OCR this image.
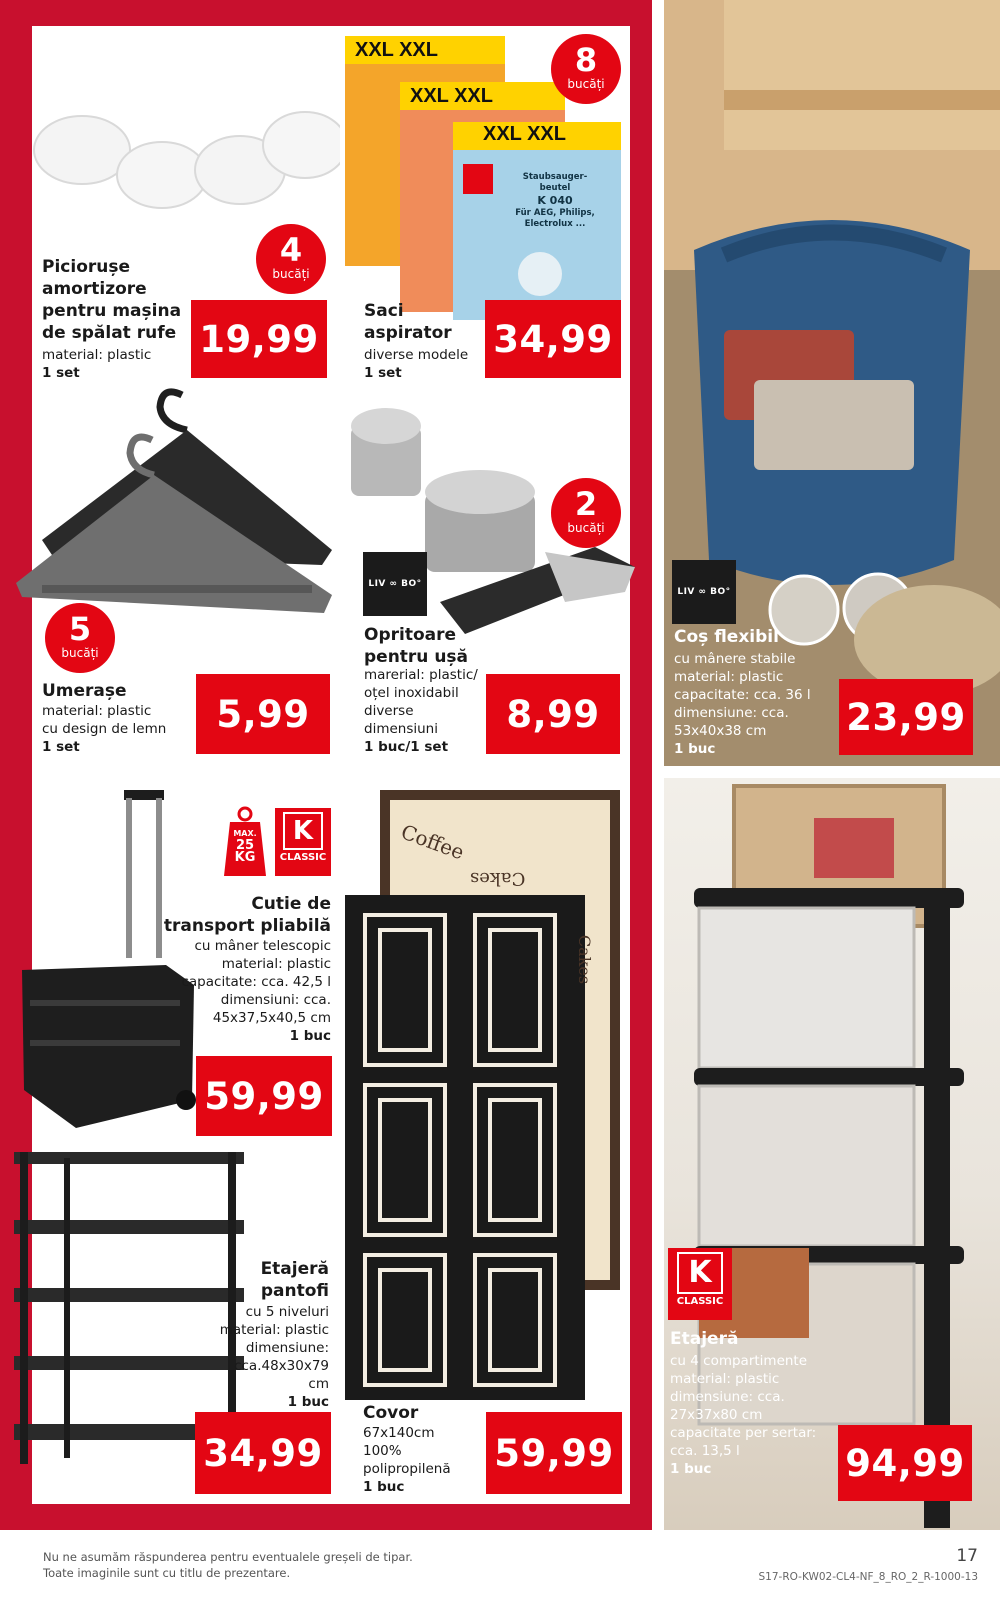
LIV ∞ BO°
Coș flexibil
cu mânere stabile
material: plastic
capacitate: cca. 36 l
dimensiune: cca.
53x40x38 cm
1 buc
23,99
K
CLASSIC
Etajeră
cu 4 compartimente
material: plastic
dimensiune: cca.
27x37x80 cm
capacitate per sertar:
cca. 13,5 l
1 buc	94,99
Piciorușe
amortizore
pentru mașina
de spălat rufe
material: plastic
1 set
4
bucăți
19,99
XXL XXL
XXL XXL
XXL XXL
Staubsauger-
beutel
K 040
Für AEG, Philips,
Electrolux ...
8
bucăți
Saci
aspirator
diverse modele
1 set
34,99
5
bucăți
Umerașe
material: plastic
cu design de lemn
1 set
5,99
LIV ∞ BO°
2
bucăți
Opritoare
pentru ușă
marerial: plastic/
oțel inoxidabil
diverse
dimensiuni
1 buc/1 set
8,99
MAX.
25
KG
K
CLASSIC
Cutie de
transport pliabilă
cu mâner telescopic
material: plastic
capacitate: cca. 42,5 l
dimensiuni: cca.
45x37,5x40,5 cm
1 buc
59,99
Coffee
Cakes
Cakes
Covor
67x140cm
100%
polipropilenă
1 buc
59,99
Etajeră
pantofi
cu 5 niveluri
material: plastic
dimensiune:
cca.48x30x79
cm
1 buc
34,99
Nu ne asumăm răspunderea pentru eventualele greșeli de tipar.
Toate imaginile sunt cu titlu de prezentare.
17
S17-RO-KW02-CL4-NF_8_RO_2_R-1000-13
